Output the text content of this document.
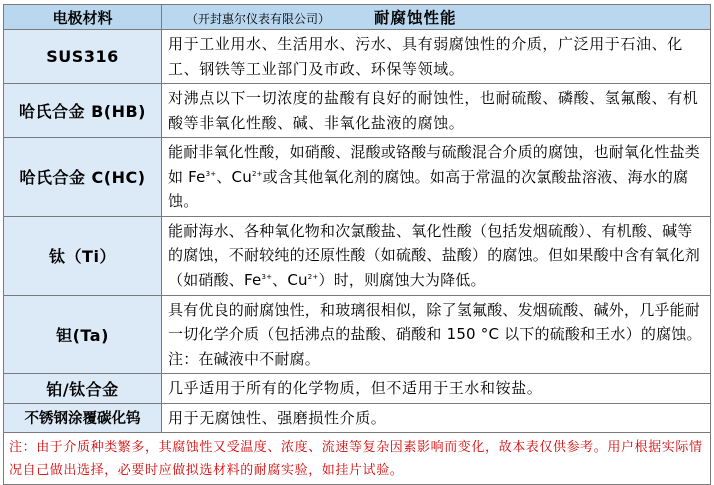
电极材料	（开封惠尔仪表有限公司） 耐腐蚀性能
SUS316	用于工业用水、生活用水、污水、具有弱腐蚀性的介质，广泛用于石油、化工、钢铁等工业部门及市政、环保等领域。
哈氏合金 B(HB)	对沸点以下一切浓度的盐酸有良好的耐蚀性，也耐硫酸、磷酸、氢氟酸、有机酸等非氧化性酸、碱、非氧化盐液的腐蚀。
哈氏合金 C(HC)	能耐非氧化性酸，如硝酸、混酸或铬酸与硫酸混合介质的腐蚀，也耐氧化性盐类如 $Fe^{3+}$、$Cu^{2+}$或含其他氧化剂的腐蚀。如高于常温的次氯酸盐溶液、海水的腐蚀。
钛（Ti）	能耐海水、各种氧化物和次氯酸盐、氧化性酸（包括发烟硫酸）、有机酸、碱等的腐蚀，不耐较纯的还原性酸（如硫酸、盐酸）的腐蚀。但如果酸中含有氧化剂（如硝酸、$Fe^{3+}$、$Cu^{2+}$）时，则腐蚀大为降低。
钽(Ta)	具有优良的耐腐蚀性，和玻璃很相似，除了氢氟酸、发烟硫酸、碱外，几乎能耐一切化学介质（包括沸点的盐酸、硝酸和 150 °C 以下的硫酸和王水）的腐蚀。注：在碱液中不耐腐。
铂/钛合金	几乎适用于所有的化学物质，但不适用于王水和铵盐。
不锈钢涂覆碳化钨	用于无腐蚀性、强磨损性介质。
注：由于介质种类繁多，其腐蚀性又受温度、浓度、流速等复杂因素影响而变化，故本表仅供参考。用户根据实际情况自己做出选择，必要时应做拟选材料的耐腐实验，如挂片试验。	
